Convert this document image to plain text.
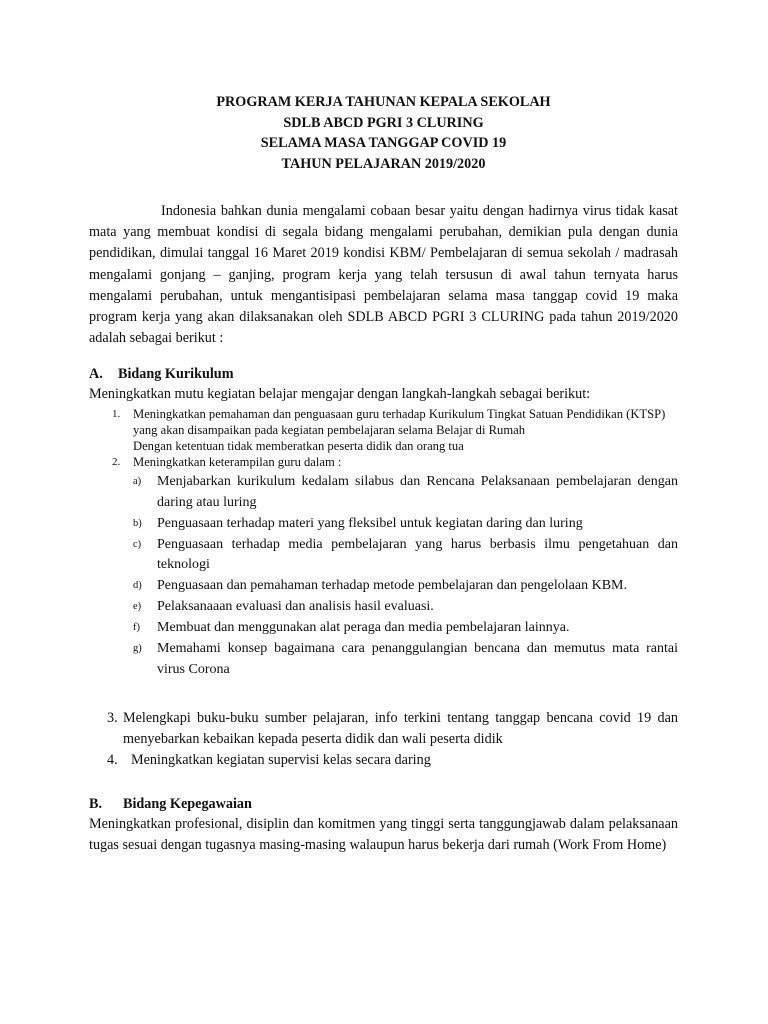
PROGRAM KERJA TAHUNAN KEPALA SEKOLAH
SDLB ABCD PGRI 3 CLURING
SELAMA MASA TANGGAP COVID 19
TAHUN PELAJARAN 2019/2020

Indonesia bahkan dunia mengalami cobaan besar yaitu dengan hadirnya virus tidak kasat mata yang membuat kondisi di segala bidang mengalami perubahan, demikian pula dengan dunia pendidikan, dimulai tanggal 16 Maret 2019 kondisi KBM/ Pembelajaran di semua sekolah / madrasah mengalami gonjang – ganjing, program kerja yang telah tersusun di awal tahun ternyata harus mengalami perubahan, untuk mengantisipasi pembelajaran selama masa tanggap covid 19 maka program kerja yang akan dilaksanakan oleh SDLB ABCD PGRI 3 CLURING pada tahun 2019/2020 adalah sebagai berikut :

A. Bidang Kurikulum
Meningkatkan mutu kegiatan belajar mengajar dengan langkah-langkah sebagai berikut:
1.	Meningkatkan pemahaman dan penguasaan guru terhadap Kurikulum Tingkat Satuan Pendidikan (KTSP) yang akan disampaikan pada kegiatan pembelajaran selama Belajar di Rumah
Dengan ketentuan tidak memberatkan peserta didik dan orang tua
2.	Meningkatkan keterampilan guru dalam :
a)	Menjabarkan kurikulum kedalam silabus dan Rencana Pelaksanaan pembelajaran dengan daring atau luring
b)	Penguasaan terhadap materi yang fleksibel untuk kegiatan daring dan luring
c)	Penguasaan terhadap media pembelajaran yang harus berbasis ilmu pengetahuan dan teknologi
d)	Penguasaan dan pemahaman terhadap metode pembelajaran dan pengelolaan KBM.
e)	Pelaksanaaan evaluasi dan analisis hasil evaluasi.
f)	Membuat dan menggunakan alat peraga dan media pembelajaran lainnya.
g)	Memahami konsep bagaimana cara penanggulangian bencana dan memutus mata rantai virus Corona
3. Melengkapi buku-buku sumber pelajaran, info terkini tentang tanggap bencana covid 19 dan menyebarkan kebaikan kepada peserta didik dan wali peserta didik
4. Meningkatkan kegiatan supervisi kelas secara daring
B. Bidang Kepegawaian
Meningkatkan profesional, disiplin dan komitmen yang tinggi serta tanggungjawab dalam pelaksanaan tugas sesuai dengan tugasnya masing-masing walaupun harus bekerja dari rumah (Work From Home)
